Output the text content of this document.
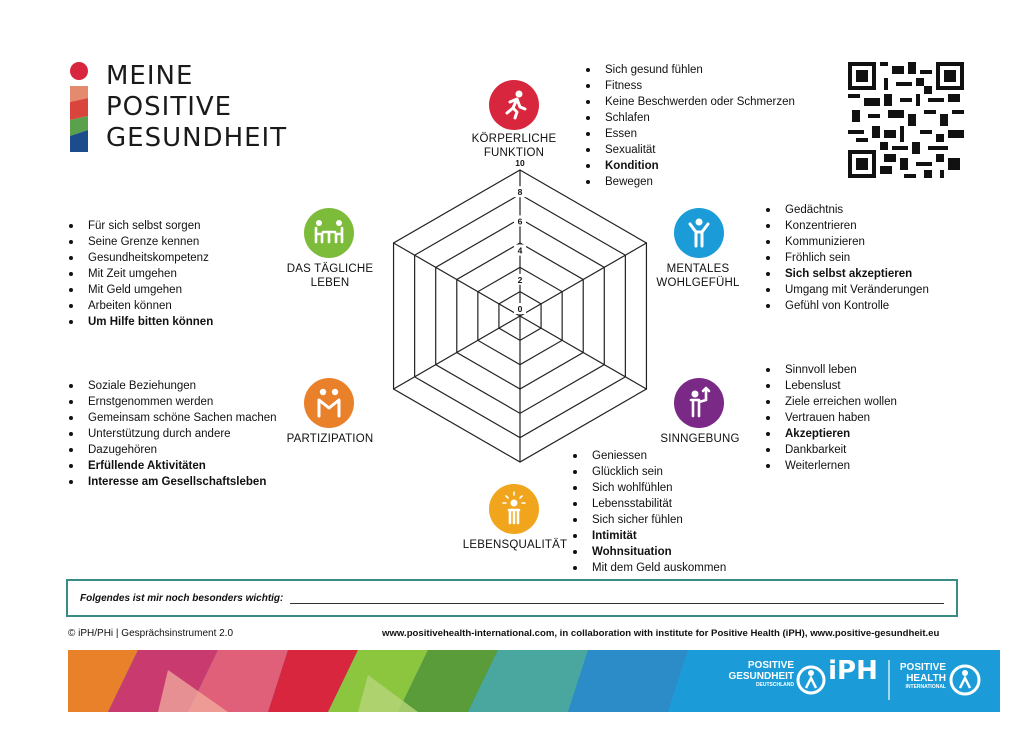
MEINE
POSITIVE
GESUNDHEIT
0
2
4
6
8
10
KÖRPERLICHE FUNKTION
Sich gesund fühlen
Fitness
Keine Beschwerden oder Schmerzen
Schlafen
Essen
Sexualität
Kondition
Bewegen
MENTALES
WOHLGEFÜHL
Gedächtnis
Konzentrieren
Kommunizieren
Fröhlich sein
Sich selbst akzeptieren
Umgang mit Veränderungen
Gefühl von Kontrolle
SINNGEBUNG
Sinnvoll leben
Lebenslust
Ziele erreichen wollen
Vertrauen haben
Akzeptieren
Dankbarkeit
Weiterlernen
LEBENSQUALITÄT
Geniessen
Glücklich sein
Sich wohlfühlen
Lebensstabilität
Sich sicher fühlen
Intimität
Wohnsituation
Mit dem Geld auskommen
PARTIZIPATION
Soziale Beziehungen
Ernstgenommen werden
Gemeinsam schöne Sachen machen
Unterstützung durch andere
Dazugehören
Erfüllende Aktivitäten
Interesse am Gesellschaftsleben
DAS TÄGLICHE
LEBEN
Für sich selbst sorgen
Seine Grenze kennen
Gesundheitskompetenz
Mit Zeit umgehen
Mit Geld umgehen
Arbeiten können
Um Hilfe bitten können
Folgendes ist mir noch besonders wichtig:
© iPH/PHi | Gesprächsinstrument 2.0	www.positivehealth-international.com, in collaboration with institute for Positive Health (iPH), www.positive-gesundheit.eu
POSITIVE
GESUNDHEIT
DEUTSCHLAND iPH	POSITIVE
HEALTH
INTERNATIONAL
